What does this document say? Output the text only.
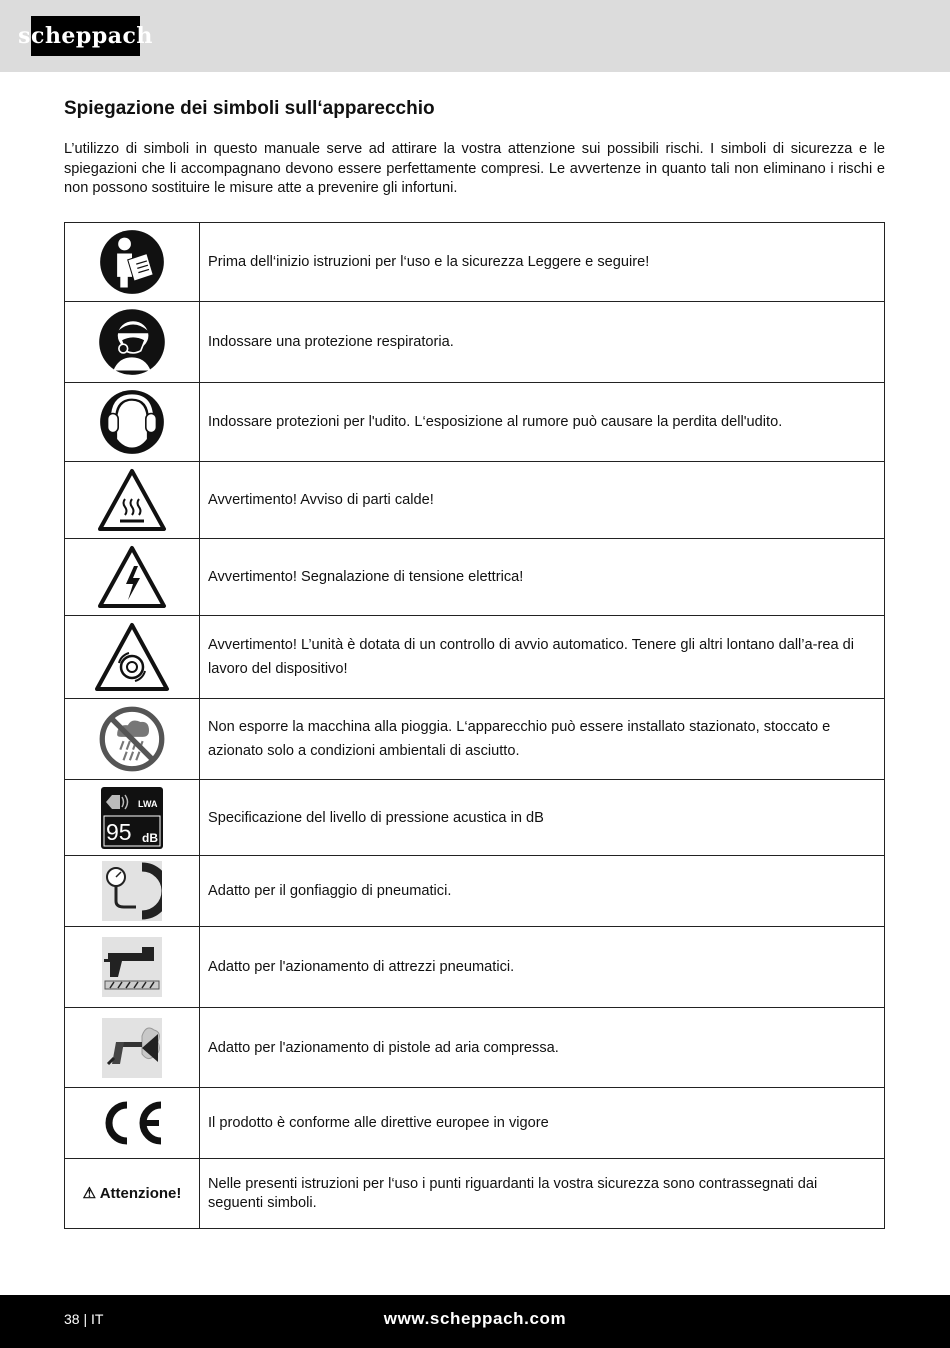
scheppach
Spiegazione dei simboli sull‘apparecchio

L’utilizzo di simboli in questo manuale serve ad attirare la vostra attenzione sui possibili rischi. I simboli di sicurezza e le spiegazioni che li accompagnano devono essere perfettamente compresi. Le avvertenze in quanto tali non eliminano i rischi e non possono sostituire le misure atte a prevenire gli infortuni.

	Prima dell‘inizio istruzioni per l‘uso e la sicurezza Leggere e seguire!

	Indossare una protezione respiratoria.

	Indossare protezioni per l'udito. L‘esposizione al rumore può causare la perdita dell'udito.

	Avvertimento! Avviso di parti calde!

	Avvertimento! Segnalazione di tensione elettrica!

	Avvertimento! L’unità è dotata di un controllo di avvio automatico. Tenere gli altri lontano dall’a-rea di lavoro del dispositivo!

	Non esporre la macchina alla pioggia. L‘apparecchio può essere installato stazionato, stoccato e azionato solo a condizioni ambientali di asciutto.

LWA
95 dB	Specificazione del livello di pressione acustica in dB

	Adatto per il gonfiaggio di pneumatici.

	Adatto per l'azionamento di attrezzi pneumatici.

	Adatto per l'azionamento di pistole ad aria compressa.

	Il prodotto è conforme alle direttive europee in vigore
⚠ Attenzione!	Nelle presenti istruzioni per l‘uso i punti riguardanti la vostra sicurezza sono contrassegnati dai seguenti simboli.
38 | IT	www.scheppach.com
